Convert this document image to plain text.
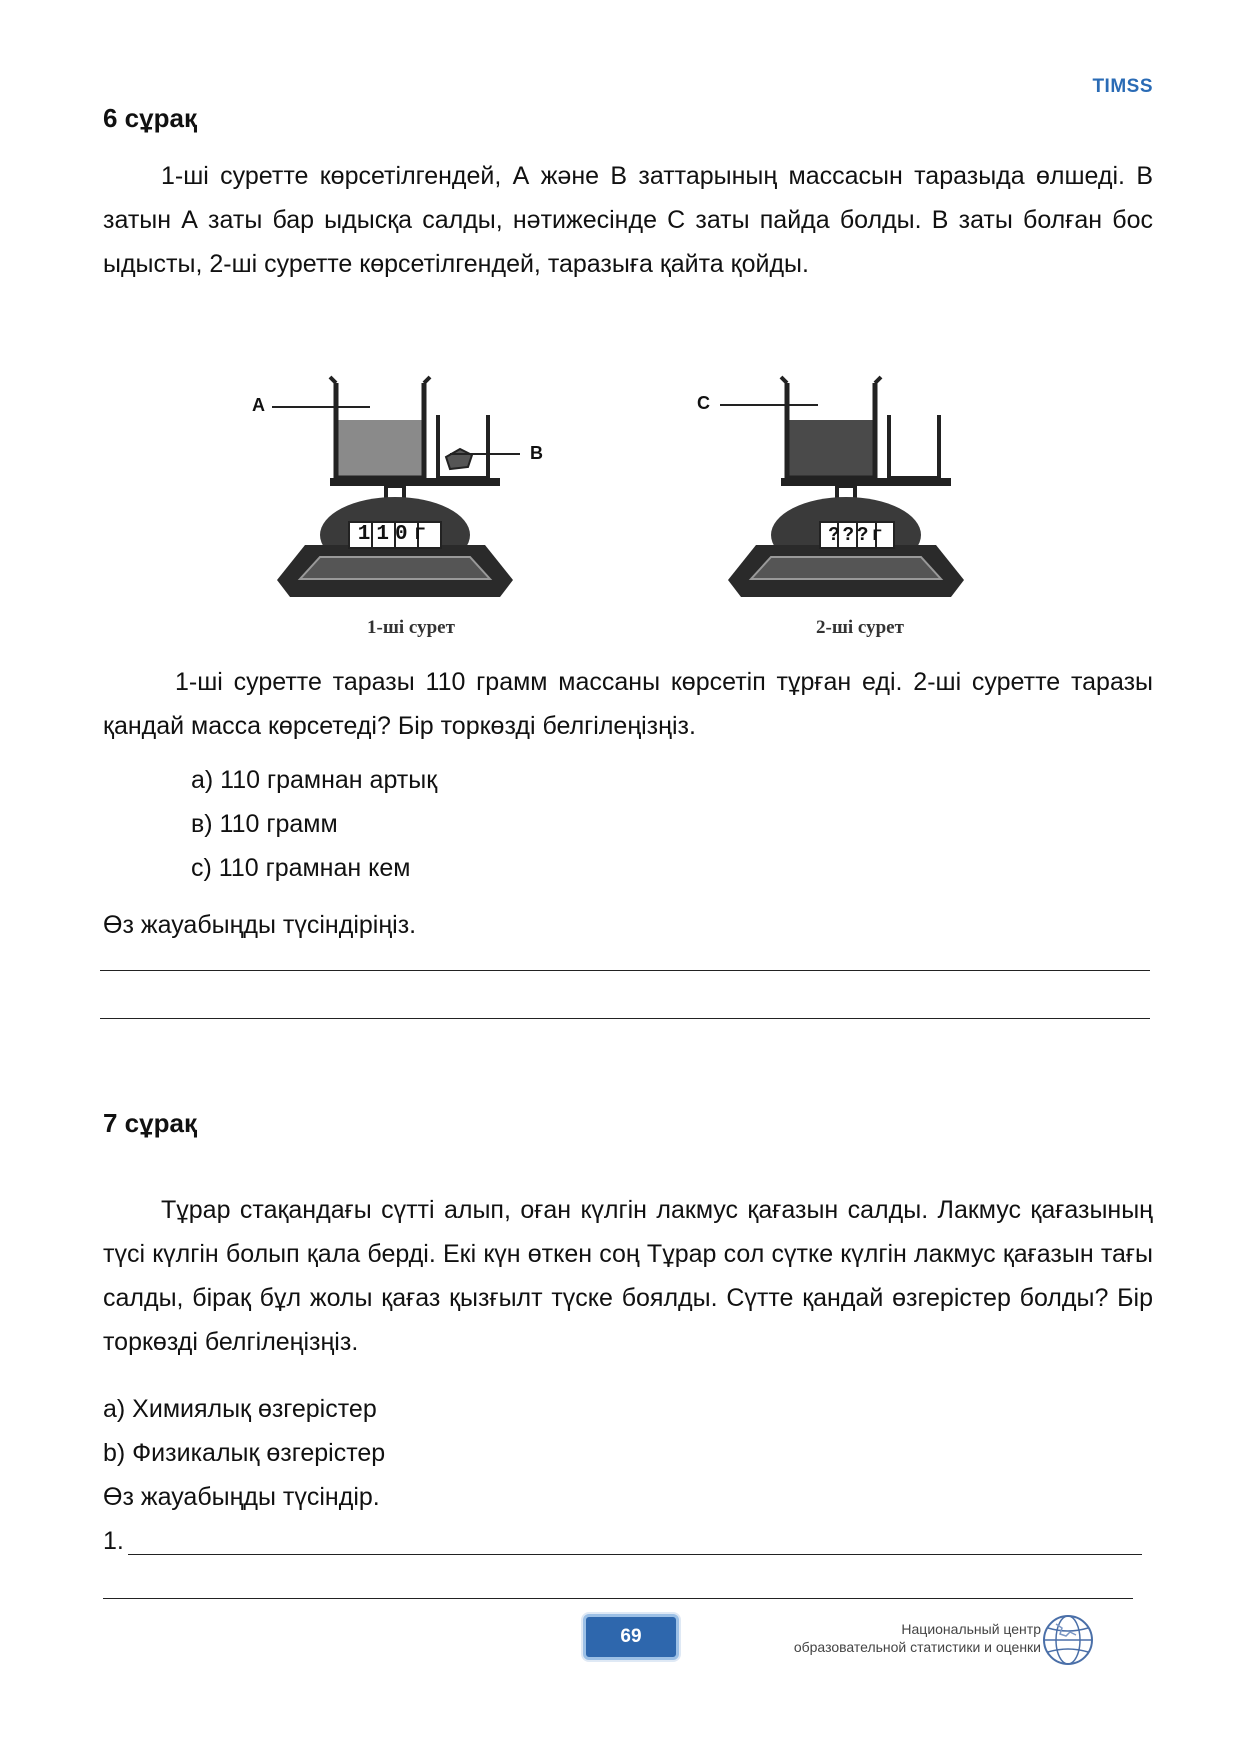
TIMSS
6 сұрақ

1-ші суретте көрсетілгендей, А және В заттарының массасын таразыда өлшеді. В затын А заты бар ыдысқа салды, нәтижесінде С заты пайда болды. В заты болған бос ыдысты, 2-ші суретте көрсетілгендей, таразыға қайта қойды.

A
B
110г
1-ші сурет
C
???г
2-ші сурет

1-ші суретте таразы 110 грамм массаны көрсетіп тұрған еді. 2-ші суретте таразы қандай масса көрсетеді? Бір торкөзді белгілеңізңіз.

а) 110 грамнан артық
в) 110 грамм
с) 110 грамнан кем
Өз жауабыңды түсіндіріңіз.
7 сұрақ

Тұрар стақандағы сүтті алып, оған күлгін лакмус қағазын салды. Лакмус қағазының түсі күлгін болып қала берді. Екі күн өткен соң Тұрар сол сүтке күлгін лакмус қағазын тағы салды, бірақ бұл жолы қағаз қызғылт түске боялды. Сүтте қандай өзгерістер болды? Бір торкөзді белгілеңізңіз.

а) Химиялық өзгерістер
b) Физикалық өзгерістер
Өз жауабыңды түсіндір.
1.
69	Национальный центр
образовательной статистики и оценки
